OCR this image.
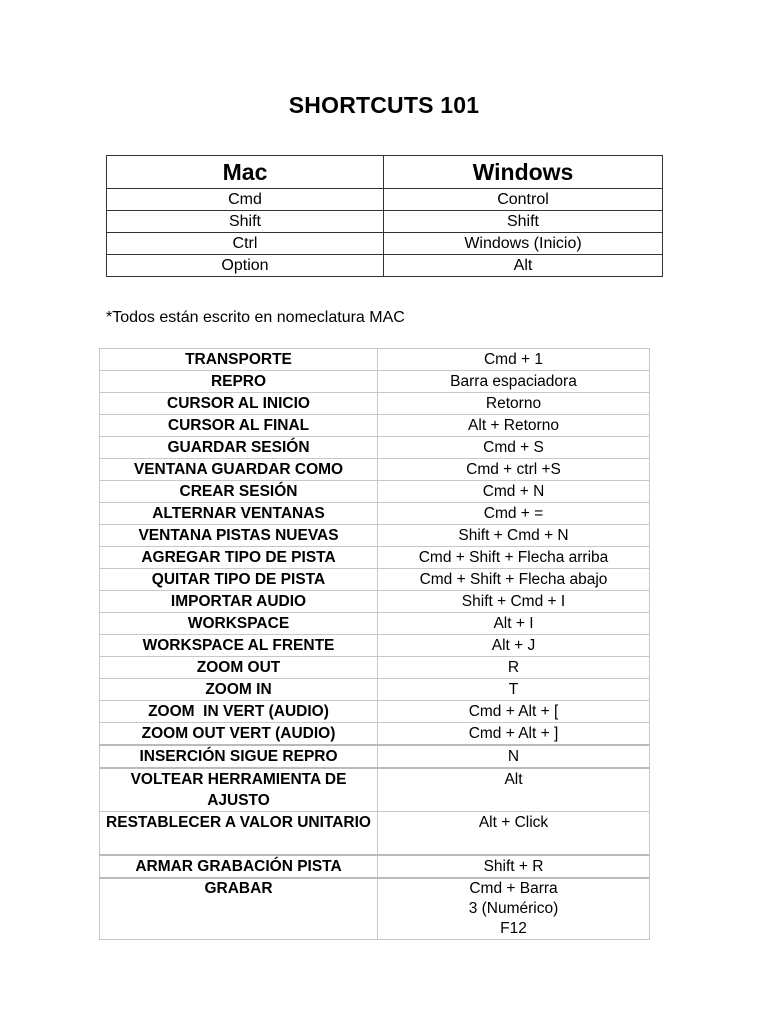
SHORTCUTS 101
Mac	Windows
Cmd	Control
Shift	Shift
Ctrl	Windows (Inicio)
Option	Alt
*Todos están escrito en nomeclatura MAC
TRANSPORTE	Cmd + 1
REPRO	Barra espaciadora
CURSOR AL INICIO	Retorno
CURSOR AL FINAL	Alt + Retorno
GUARDAR SESIÓN	Cmd + S
VENTANA GUARDAR COMO	Cmd + ctrl +S
CREAR SESIÓN	Cmd + N
ALTERNAR VENTANAS	Cmd + =
VENTANA PISTAS NUEVAS	Shift + Cmd + N
AGREGAR TIPO DE PISTA	Cmd + Shift + Flecha arriba
QUITAR TIPO DE PISTA	Cmd + Shift + Flecha abajo
IMPORTAR AUDIO	Shift + Cmd + I
WORKSPACE	Alt + I
WORKSPACE AL FRENTE	Alt + J
ZOOM OUT	R
ZOOM IN	T
ZOOM  IN VERT (AUDIO)	Cmd + Alt + [
ZOOM OUT VERT (AUDIO)	Cmd + Alt + ]
INSERCIÓN SIGUE REPRO	N
VOLTEAR HERRAMIENTA DE AJUSTO	Alt
RESTABLECER A VALOR UNITARIO	Alt + Click
ARMAR GRABACIÓN PISTA	Shift + R
GRABAR	Cmd + Barra
3 (Numérico)
F12
